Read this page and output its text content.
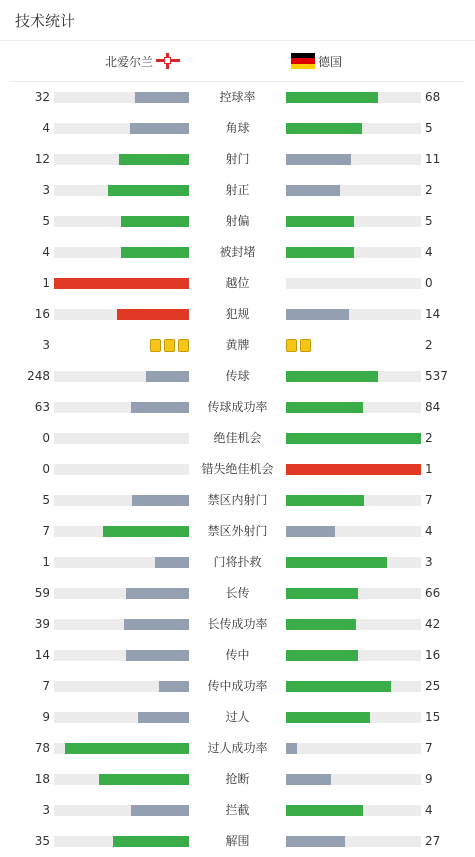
技术统计
北爱尔兰	德国
32	控球率	68
4	角球	5
12	射门	11
3	射正	2
5	射偏	5
4	被封堵	4
1	越位	0
16	犯规	14
3	黄牌	2
248	传球	537
63	传球成功率	84
0	绝佳机会	2
0	错失绝佳机会	1
5	禁区内射门	7
7	禁区外射门	4
1	门将扑救	3
59	长传	66
39	长传成功率	42
14	传中	16
7	传中成功率	25
9	过人	15
78	过人成功率	7
18	抢断	9
3	拦截	4
35	解围	27
